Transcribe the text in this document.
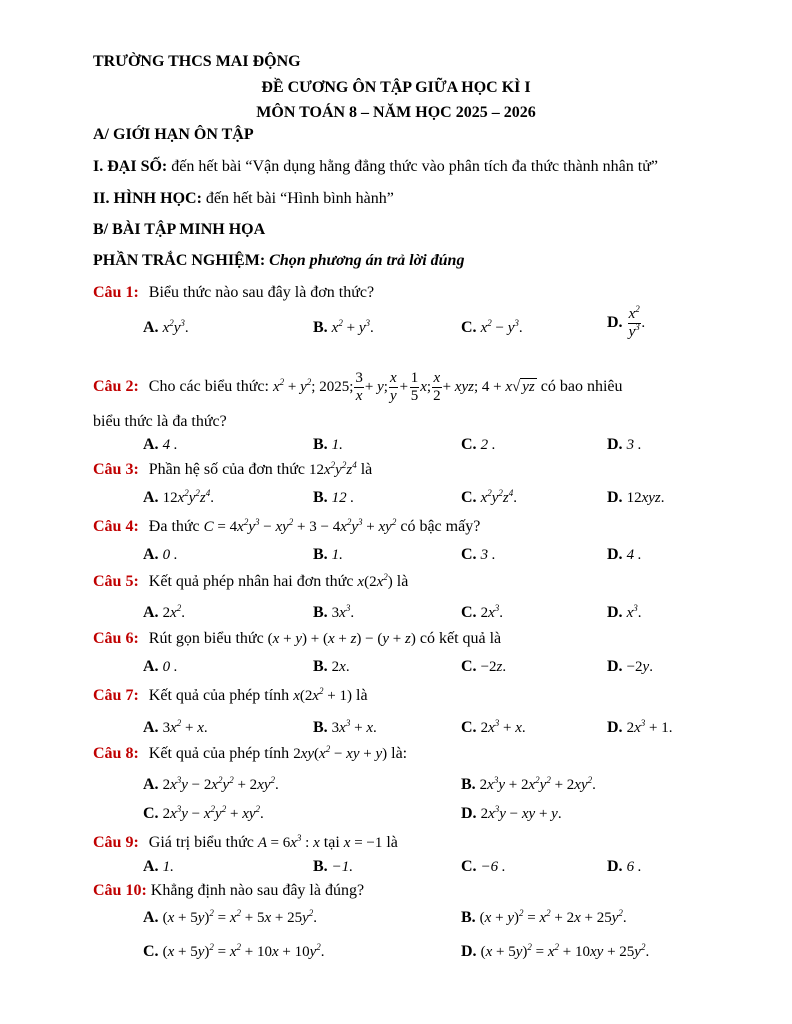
TRƯỜNG THCS MAI ĐỘNG
ĐỀ CƯƠNG ÔN TẬP GIỮA HỌC KÌ I
MÔN TOÁN 8 – NĂM HỌC 2025 – 2026
A/ GIỚI HẠN ÔN TẬP
I. ĐẠI SỐ: đến hết bài “Vận dụng hằng đẳng thức vào phân tích đa thức thành nhân tử”
II. HÌNH HỌC: đến hết bài “Hình bình hành”
B/ BÀI TẬP MINH HỌA
PHẦN TRẮC NGHIỆM: Chọn phương án trả lời đúng
Câu 1: Biểu thức nào sau đây là đơn thức?
A. $x^2y^3$.	B. $x^2 + y^3$.	C. $x^2 - y^3$.	D. $\frac{x^2}{y^3}$ .
Câu 2: Cho các biểu thức: $x^2 + y^2$; 2025; $\frac{3}{x} + y$; $\frac{x}{y} + \frac{1}{5} x$; $\frac{x}{2}$ + xyz; 4 + x√ yz có bao nhiêu
biểu thức là đa thức?
A. 4 .	B. 1.	C. 2 .	D. 3 .
Câu 3: Phần hệ số của đơn thức $12x^2y^2z^4$ là
A. $12x^2y^2z^4$.	B. 12 .	C. $x^2y^2z^4$.	D. 12xyz.
Câu 4: Đa thức $C = 4x^2y^3 - xy^2 + 3 - 4x^2y^3 + xy^2$ có bậc mấy?
A. 0 .	B. 1.	C. 3 .	D. 4 .
Câu 5: Kết quả phép nhân hai đơn thức $x(2x^2)$ là
A. $2x^2$.	B. $3x^3$.	C. $2x^3$.	D. $x^3$.
Câu 6: Rút gọn biểu thức (x + y) + (x + z) − (y + z) có kết quả là
A. 0 .	B. 2x.	C. −2z.	D. −2y.
Câu 7: Kết quả của phép tính $x(2x^2 + 1)$ là
A. $3x^2 + x$.	B. $3x^3 + x$.	C. $2x^3 + x$.	D. $2x^3 + 1$.
Câu 8: Kết quả của phép tính $2xy(x^2$ − xy + y) là:
A. $2x^3y - 2x^2y^2 + 2xy^2$.	B. $2x^3y + 2x^2y^2 + 2xy^2$.
C. $2x^3y - x^2y^2 + xy^2$.	D. $2x^3y$ − xy + y.
Câu 9: Giá trị biểu thức $A = 6x^3$ : x tại x = −1 là
A. 1.	B. −1.	C. −6 .	D. 6 .
Câu 10: Khẳng định nào sau đây là đúng?
A. $(x + 5y)^2 = x^2 + 5x + 25y^2$.	B. $(x + y)^2 = x^2 + 2x + 25y^2$.
C. $(x + 5y)^2 = x^2 + 10x + 10y^2$.	D. $(x + 5y)^2 = x^2 + 10xy + 25y^2$.
